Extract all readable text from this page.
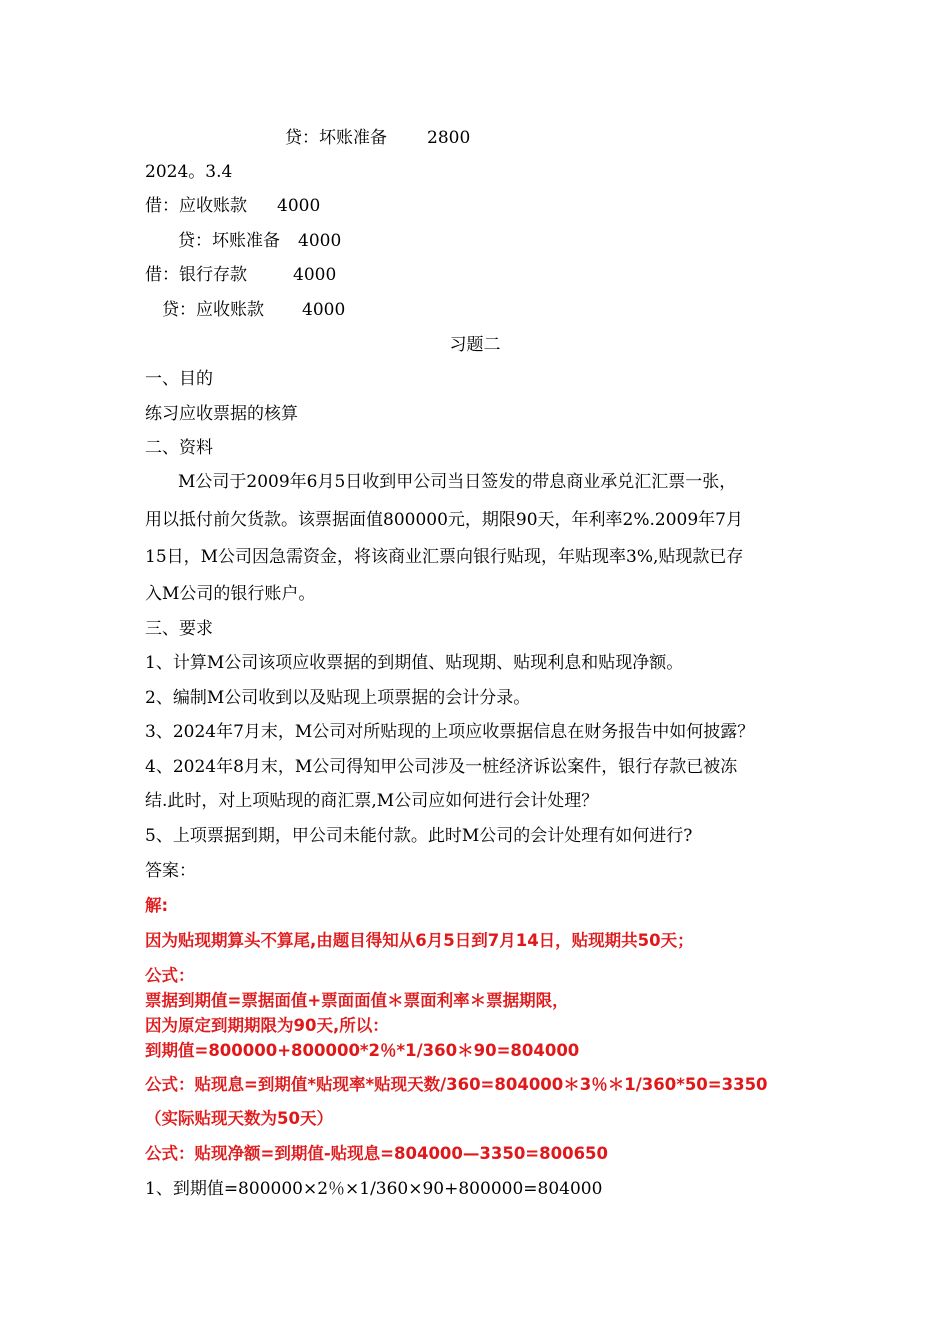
贷：坏账准备 2800
2024。3.4
借：应收账款 4000
贷：坏账准备 4000
借：银行存款	4000
贷：应收账款 4000
习题二
一、目的
练习应收票据的核算
二、资料
M公司于2009年6月5日收到甲公司当日签发的带息商业承兑汇汇票一张，
用以抵付前欠货款。该票据面值800000元，期限90天，年利率2%.2009年7月
15日，M公司因急需资金，将该商业汇票向银行贴现，年贴现率3%,贴现款已存
入M公司的银行账户。
三、要求
1、计算M公司该项应收票据的到期值、贴现期、贴现利息和贴现净额。
2、编制M公司收到以及贴现上项票据的会计分录。
3、2024年7月末，M公司对所贴现的上项应收票据信息在财务报告中如何披露？
4、2024年8月末，M公司得知甲公司涉及一桩经济诉讼案件，银行存款已被冻
结.此时，对上项贴现的商汇票,M公司应如何进行会计处理？
5、上项票据到期，甲公司未能付款。此时M公司的会计处理有如何进行?
答案：
解:
因为贴现期算头不算尾,由题目得知从6月5日到7月14日，贴现期共50天；
公式：
票据到期值=票据面值+票面面值＊票面利率＊票据期限，
因为原定到期期限为90天,所以：
到期值=800000+800000*2％*1/360＊90=804000
公式：贴现息=到期值*贴现率*贴现天数/360=804000＊3％＊1/360*50=3350
（实际贴现天数为50天）
公式：贴现净额=到期值-贴现息=804000—3350=800650
1、到期值=800000×2％×1/360×90+800000=804000
